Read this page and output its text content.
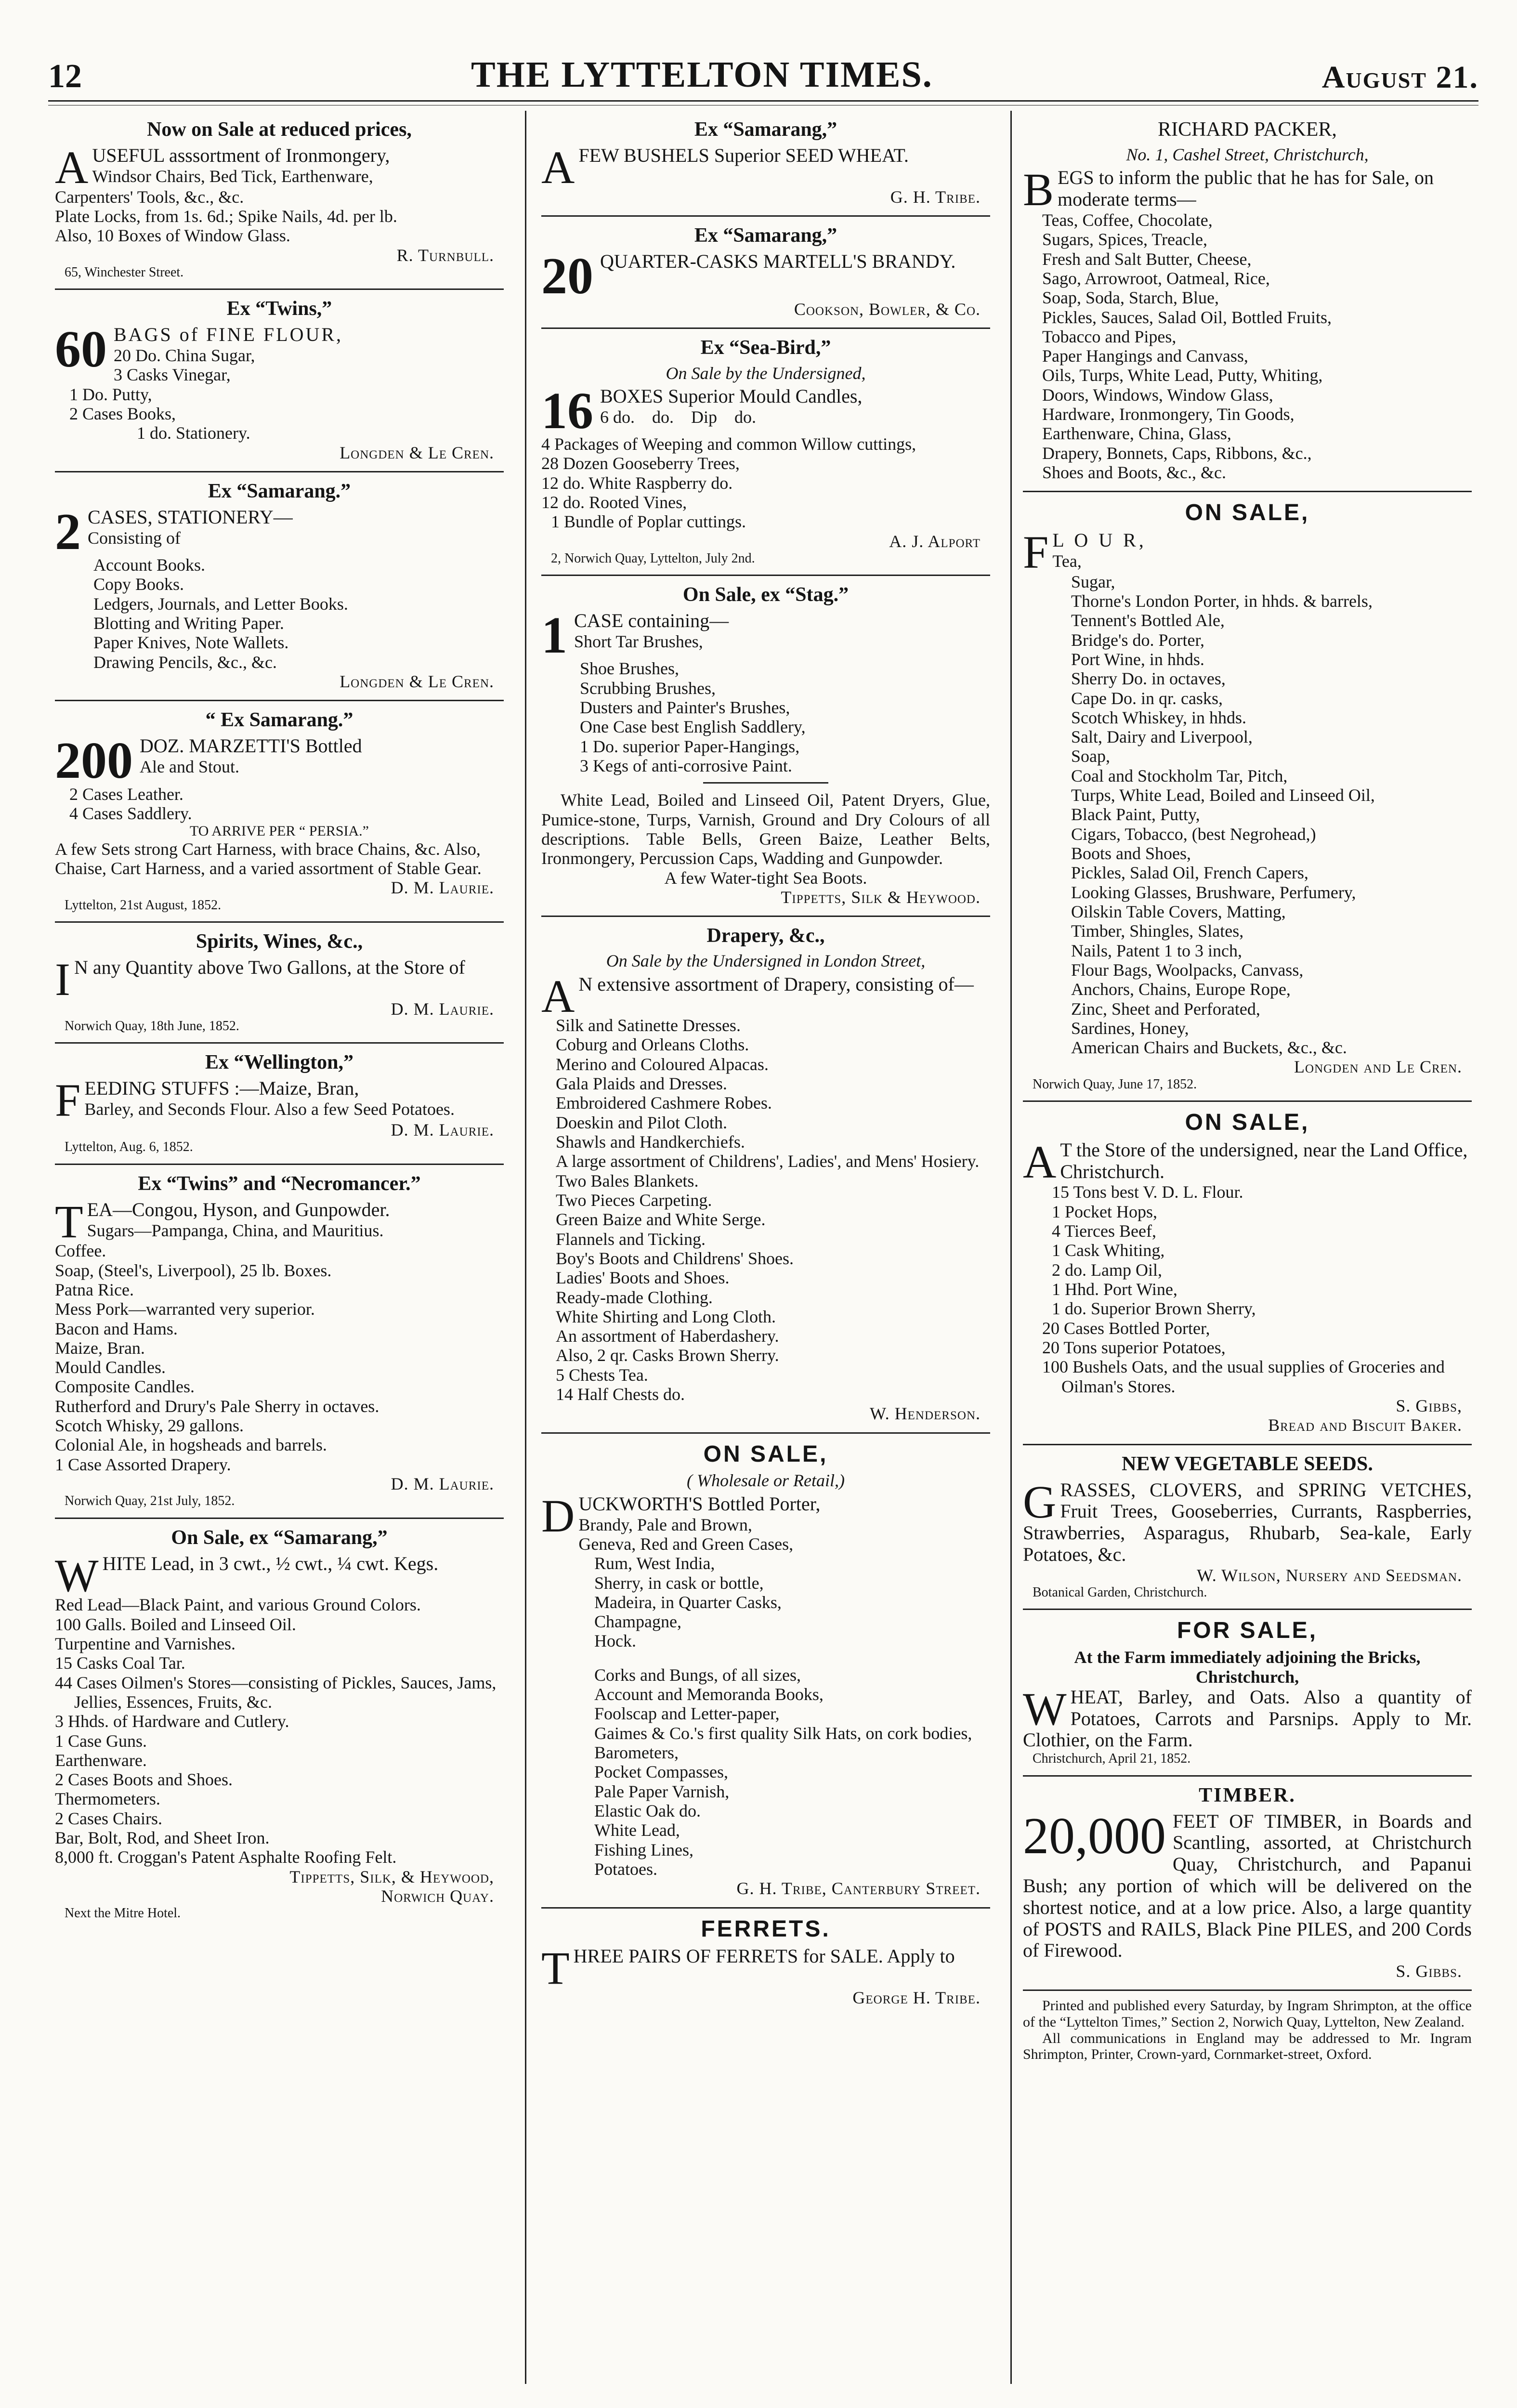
12	THE LYTTELTON TIMES.	August 21.
Now on Sale at reduced prices,
A USEFUL asssortment of Ironmongery,
Windsor Chairs, Bed Tick, Earthenware,
Carpenters' Tools, &c., &c.
Plate Locks, from 1s. 6d.; Spike Nails, 4d. per lb.
Also, 10 Boxes of Window Glass.
R. Turnbull.
65, Winchester Street.
Ex “Twins,”
60 BAGS of FINE FLOUR,
20 Do. China Sugar,
3 Casks Vinegar,
1 Do. Putty,
2 Cases Books,
1 do. Stationery.
Longden & Le Cren.
Ex “Samarang.”
2 CASES, STATIONERY—
Consisting of
Account Books.
Copy Books.
Ledgers, Journals, and Letter Books.
Blotting and Writing Paper.
Paper Knives, Note Wallets.
Drawing Pencils, &c., &c.
Longden & Le Cren.
“ Ex Samarang.”
200 DOZ. MARZETTI'S Bottled
Ale and Stout.
2 Cases Leather.
4 Cases Saddlery.
TO ARRIVE PER “ PERSIA.”
A few Sets strong Cart Harness, with brace Chains, &c. Also,
Chaise, Cart Harness, and a varied assortment of Stable Gear.
D. M. Laurie.
Lyttelton, 21st August, 1852.
Spirits, Wines, &c.,
I N any Quantity above Two Gallons, at the Store of
D. M. Laurie.
Norwich Quay, 18th June, 1852.
Ex “Wellington,”
F EEDING STUFFS :—Maize, Bran,
Barley, and Seconds Flour. Also a few Seed Potatoes.
D. M. Laurie.
Lyttelton, Aug. 6, 1852.
Ex “Twins” and “Necromancer.”
T EA—Congou, Hyson, and Gunpowder.
Sugars—Pampanga, China, and Mauritius.
Coffee.
Soap, (Steel's, Liverpool), 25 lb. Boxes.
Patna Rice.
Mess Pork—warranted very superior.
Bacon and Hams.
Maize, Bran.
Mould Candles.
Composite Candles.
Rutherford and Drury's Pale Sherry in octaves.
Scotch Whisky, 29 gallons.
Colonial Ale, in hogsheads and barrels.
1 Case Assorted Drapery.
D. M. Laurie.
Norwich Quay, 21st July, 1852.
On Sale, ex “Samarang,”
W HITE Lead, in 3 cwt., ½ cwt., ¼ cwt. Kegs.
Red Lead—Black Paint, and various Ground Colors.
100 Galls. Boiled and Linseed Oil.
Turpentine and Varnishes.
15 Casks Coal Tar.
44 Cases Oilmen's Stores—consisting of Pickles, Sauces, Jams, Jellies, Essences, Fruits, &c.
3 Hhds. of Hardware and Cutlery.
1 Case Guns.
Earthenware.
2 Cases Boots and Shoes.
Thermometers.
2 Cases Chairs.
Bar, Bolt, Rod, and Sheet Iron.
8,000 ft. Croggan's Patent Asphalte Roofing Felt.
Tippetts, Silk, & Heywood,
Norwich Quay.
Next the Mitre Hotel.
Ex “Samarang,”
A FEW BUSHELS Superior SEED WHEAT.
G. H. Tribe.
Ex “Samarang,”
20 QUARTER-CASKS MARTELL'S BRANDY.
Cookson, Bowler, & Co.
Ex “Sea-Bird,”
On Sale by the Undersigned,
16 BOXES Superior Mould Candles,
6 do.    do.    Dip    do.
4 Packages of Weeping and common Willow cuttings,
28 Dozen Gooseberry Trees,
12 do. White Raspberry do.
12 do. Rooted Vines,
1 Bundle of Poplar cuttings.
A. J. Alport
2, Norwich Quay, Lyttelton, July 2nd.
On Sale, ex “Stag.”
1 CASE containing—
Short Tar Brushes,
Shoe Brushes,
Scrubbing Brushes,
Dusters and Painter's Brushes,
One Case best English Saddlery,
1 Do. superior Paper-Hangings,
3 Kegs of anti-corrosive Paint.
White Lead, Boiled and Linseed Oil, Patent Dryers, Glue, Pumice-stone, Turps, Varnish, Ground and Dry Colours of all descriptions. Table Bells, Green Baize, Leather Belts, Ironmongery, Percussion Caps, Wadding and Gunpowder.
A few Water-tight Sea Boots.
Tippetts, Silk & Heywood.
Drapery, &c.,
On Sale by the Undersigned in London Street,
A N extensive assortment of Drapery, consisting of—
Silk and Satinette Dresses.
Coburg and Orleans Cloths.
Merino and Coloured Alpacas.
Gala Plaids and Dresses.
Embroidered Cashmere Robes.
Doeskin and Pilot Cloth.
Shawls and Handkerchiefs.
A large assortment of Childrens', Ladies', and Mens' Hosiery.
Two Bales Blankets.
Two Pieces Carpeting.
Green Baize and White Serge.
Flannels and Ticking.
Boy's Boots and Childrens' Shoes.
Ladies' Boots and Shoes.
Ready-made Clothing.
White Shirting and Long Cloth.
An assortment of Haberdashery.
Also, 2 qr. Casks Brown Sherry.
5 Chests Tea.
14 Half Chests do.
W. Henderson.
ON SALE,
( Wholesale or Retail,)
D UCKWORTH'S Bottled Porter,
Brandy, Pale and Brown,
Geneva, Red and Green Cases,
Rum, West India,
Sherry, in cask or bottle,
Madeira, in Quarter Casks,
Champagne,
Hock.
Corks and Bungs, of all sizes,
Account and Memoranda Books,
Foolscap and Letter-paper,
Gaimes & Co.'s first quality Silk Hats, on cork bodies,
Barometers,
Pocket Compasses,
Pale Paper Varnish,
Elastic Oak do.
White Lead,
Fishing Lines,
Potatoes.
G. H. Tribe, Canterbury Street.
FERRETS.
T HREE PAIRS OF FERRETS for SALE. Apply to
George H. Tribe.
RICHARD PACKER,
No. 1, Cashel Street, Christchurch,
B EGS to inform the public that he has for Sale, on moderate terms—
Teas, Coffee, Chocolate,
Sugars, Spices, Treacle,
Fresh and Salt Butter, Cheese,
Sago, Arrowroot, Oatmeal, Rice,
Soap, Soda, Starch, Blue,
Pickles, Sauces, Salad Oil, Bottled Fruits,
Tobacco and Pipes,
Paper Hangings and Canvass,
Oils, Turps, White Lead, Putty, Whiting,
Doors, Windows, Window Glass,
Hardware, Ironmongery, Tin Goods,
Earthenware, China, Glass,
Drapery, Bonnets, Caps, Ribbons, &c.,
Shoes and Boots, &c., &c.
ON SALE,
F L O U R,
Tea,
Sugar,
Thorne's London Porter, in hhds. & barrels,
Tennent's Bottled Ale,
Bridge's do. Porter,
Port Wine, in hhds.
Sherry Do. in octaves,
Cape Do. in qr. casks,
Scotch Whiskey, in hhds.
Salt, Dairy and Liverpool,
Soap,
Coal and Stockholm Tar, Pitch,
Turps, White Lead, Boiled and Linseed Oil,
Black Paint, Putty,
Cigars, Tobacco, (best Negrohead,)
Boots and Shoes,
Pickles, Salad Oil, French Capers,
Looking Glasses, Brushware, Perfumery,
Oilskin Table Covers, Matting,
Timber, Shingles, Slates,
Nails, Patent 1 to 3 inch,
Flour Bags, Woolpacks, Canvass,
Anchors, Chains, Europe Rope,
Zinc, Sheet and Perforated,
Sardines, Honey,
American Chairs and Buckets, &c., &c.
Longden and Le Cren.
Norwich Quay, June 17, 1852.
ON SALE,
A T the Store of the undersigned, near the Land Office, Christchurch.
15 Tons best V. D. L. Flour.
1 Pocket Hops,
4 Tierces Beef,
1 Cask Whiting,
2 do. Lamp Oil,
1 Hhd. Port Wine,
1 do. Superior Brown Sherry,
20 Cases Bottled Porter,
20 Tons superior Potatoes,
100 Bushels Oats, and the usual supplies of Groceries and Oilman's Stores.
S. Gibbs,
Bread and Biscuit Baker.
NEW VEGETABLE SEEDS.
G RASSES, CLOVERS, and SPRING VETCHES, Fruit Trees, Gooseberries, Currants, Raspberries, Strawberries, Asparagus, Rhubarb, Sea-kale, Early Potatoes, &c.
W. Wilson, Nursery and Seedsman.
Botanical Garden, Christchurch.
FOR SALE,
At the Farm immediately adjoining the Bricks, Christchurch,
W HEAT, Barley, and Oats. Also a quantity of Potatoes, Carrots and Parsnips. Apply to Mr. Clothier, on the Farm.
Christchurch, April 21, 1852.
TIMBER.
20,000 FEET OF TIMBER, in Boards and Scantling, assorted, at Christchurch Quay, Christchurch, and Papanui Bush; any portion of which will be delivered on the shortest notice, and at a low price. Also, a large quantity of POSTS and RAILS, Black Pine PILES, and 200 Cords of Firewood.
S. Gibbs.
Printed and published every Saturday, by Ingram Shrimpton, at the office of the “Lyttelton Times,” Section 2, Norwich Quay, Lyttelton, New Zealand.
All communications in England may be addressed to Mr. Ingram Shrimpton, Printer, Crown-yard, Cornmarket-street, Oxford.
